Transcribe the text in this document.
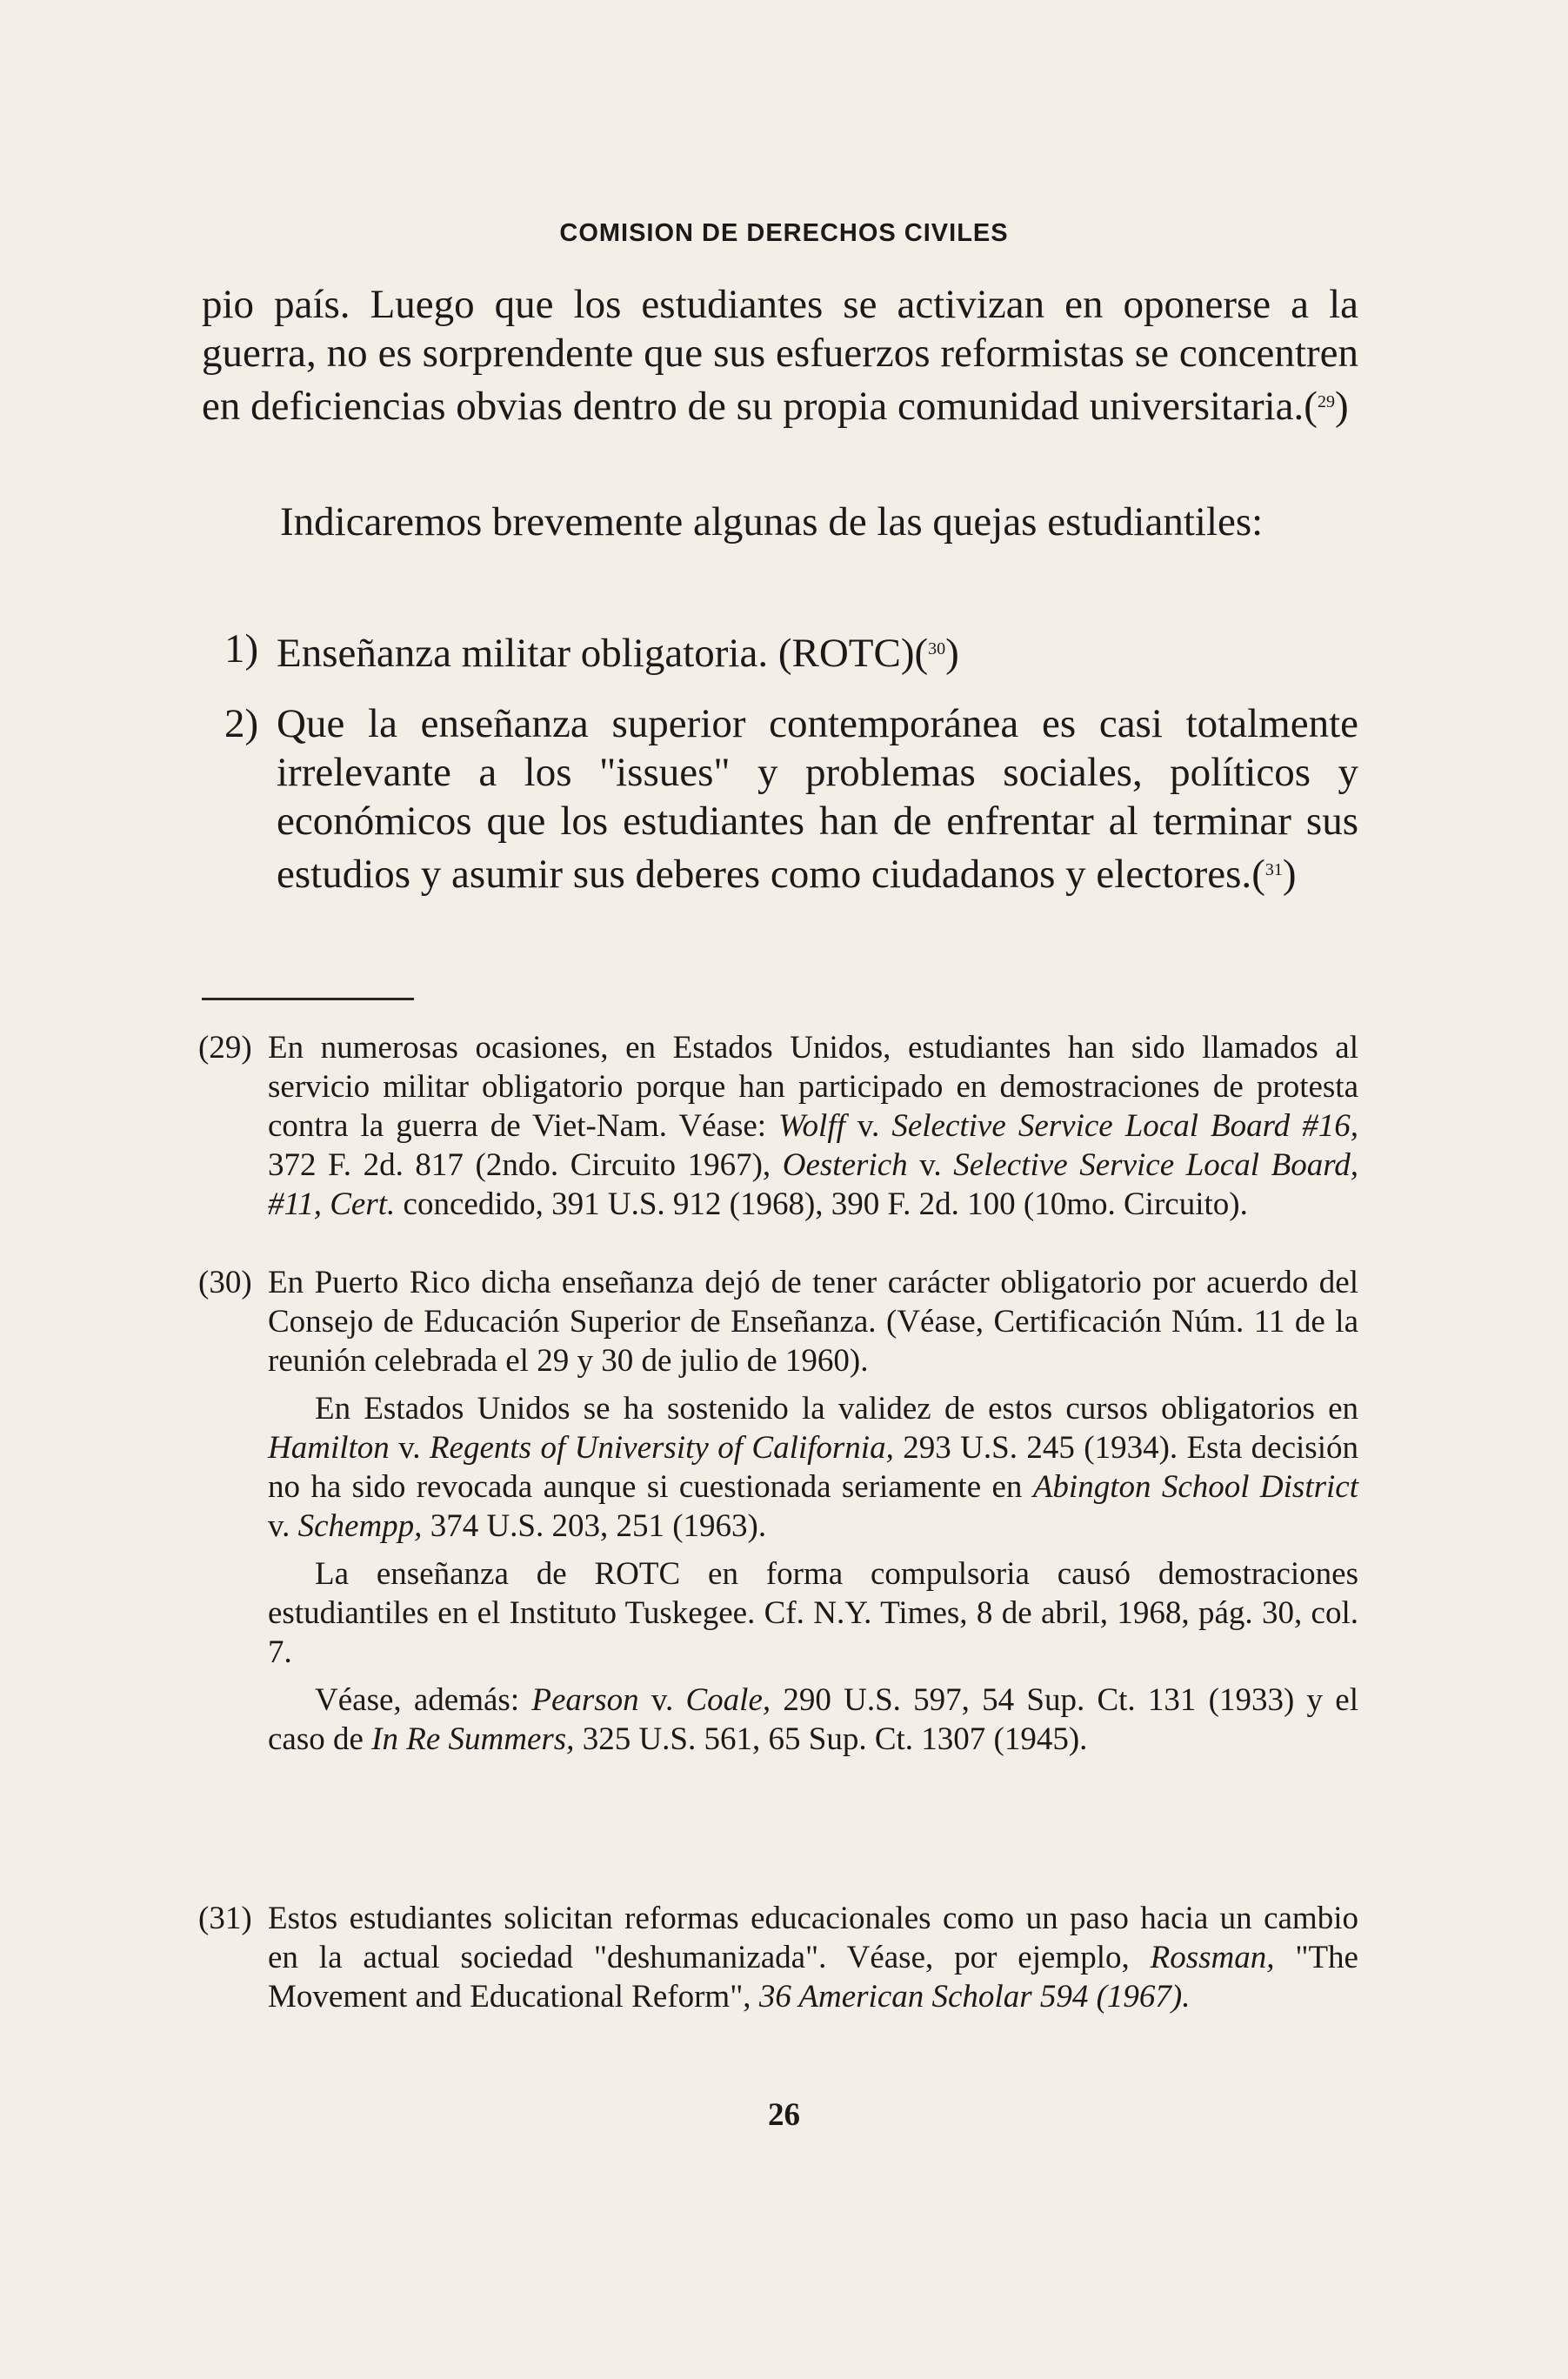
COMISION DE DERECHOS CIVILES
pio país. Luego que los estudiantes se activizan en oponerse a la guerra, no es sorprendente que sus esfuerzos reformistas se concentren en deficiencias obvias dentro de su propia comunidad universitaria.($^{29}$)
Indicaremos brevemente algunas de las quejas estudiantiles:
1) Enseñanza militar obligatoria. (ROTC)($^{30}$)
2) Que la enseñanza superior contemporánea es casi totalmente irrelevante a los "issues" y problemas sociales, políticos y económicos que los estudiantes han de enfrentar al terminar sus estudios y asumir sus deberes como ciudadanos y electores.($^{31}$)
(29) En numerosas ocasiones, en Estados Unidos, estudiantes han sido llamados al servicio militar obligatorio porque han participado en demostraciones de protesta contra la guerra de Viet-Nam. Véase: Wolff v. Selective Service Local Board #16, 372 F. 2d. 817 (2ndo. Circuito 1967), Oesterich v. Selective Service Local Board, #11, Cert. concedido, 391 U.S. 912 (1968), 390 F. 2d. 100 (10mo. Circuito).

(30) En Puerto Rico dicha enseñanza dejó de tener carácter obligatorio por acuerdo del Consejo de Educación Superior de Enseñanza. (Véase, Certificación Núm. 11 de la reunión celebrada el 29 y 30 de julio de 1960).

En Estados Unidos se ha sostenido la validez de estos cursos obligatorios en Hamilton v. Regents of University of California, 293 U.S. 245 (1934). Esta decisión no ha sido revocada aunque si cuestionada seriamente en Abington School District v. Schempp, 374 U.S. 203, 251 (1963).

La enseñanza de ROTC en forma compulsoria causó demostraciones estudiantiles en el Instituto Tuskegee. Cf. N.Y. Times, 8 de abril, 1968, pág. 30, col. 7.

Véase, además: Pearson v. Coale, 290 U.S. 597, 54 Sup. Ct. 131 (1933) y el caso de In Re Summers, 325 U.S. 561, 65 Sup. Ct. 1307 (1945).

(31) Estos estudiantes solicitan reformas educacionales como un paso hacia un cambio en la actual sociedad "deshumanizada". Véase, por ejemplo, Rossman, "The Movement and Educational Reform", 36 American Scholar 594 (1967).

26
